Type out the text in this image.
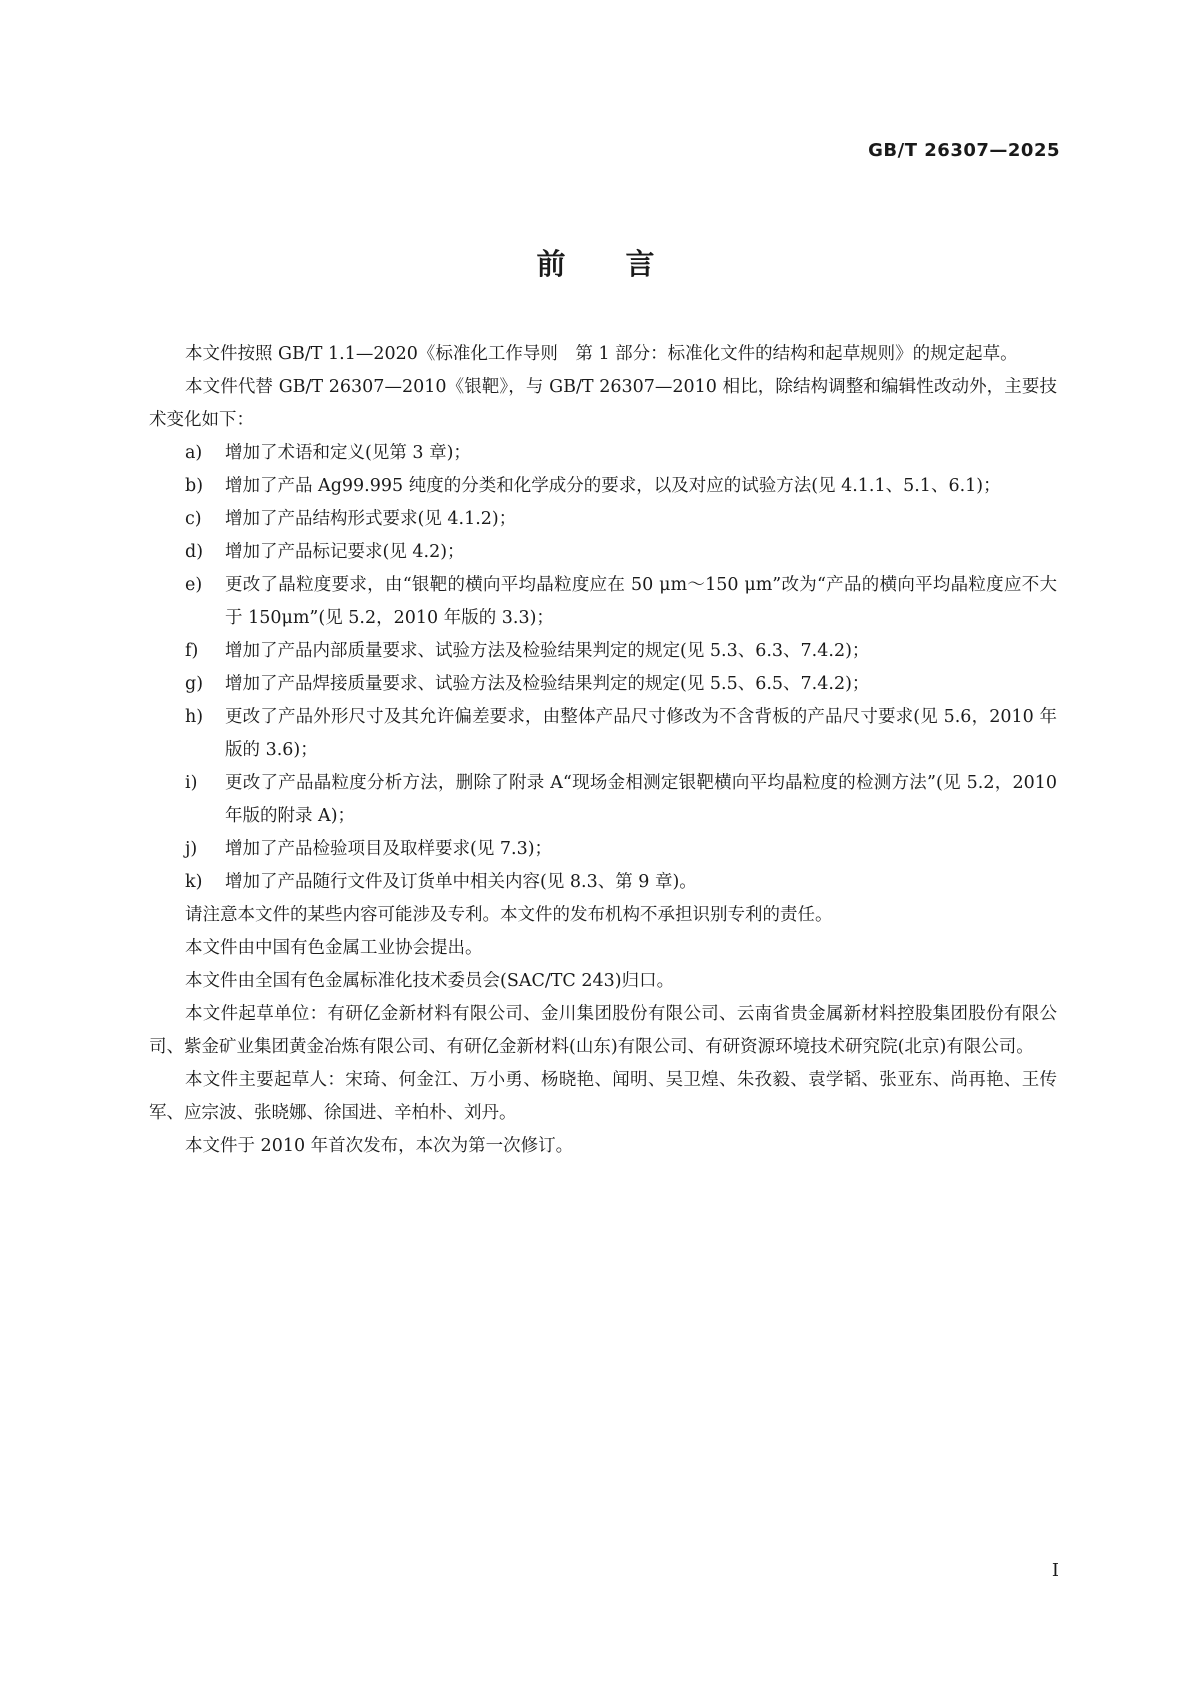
GB/T 26307—2025
前言

本文件按照 GB/T 1.1—2020《标准化工作导则　第 1 部分：标准化文件的结构和起草规则》的规定起草。

本文件代替 GB/T 26307—2010《银靶》，与 GB/T 26307—2010 相比，除结构调整和编辑性改动外，主要技术变化如下：

a)	增加了术语和定义(见第 3 章)；
b)	增加了产品 Ag99.995 纯度的分类和化学成分的要求，以及对应的试验方法(见 4.1.1、5.1、6.1)；
c)	增加了产品结构形式要求(见 4.1.2)；
d)	增加了产品标记要求(见 4.2)；
e)	更改了晶粒度要求，由“银靶的横向平均晶粒度应在 50 μm～150 μm”改为“产品的横向平均晶粒度应不大于 150μm”(见 5.2，2010 年版的 3.3)；
f)	增加了产品内部质量要求、试验方法及检验结果判定的规定(见 5.3、6.3、7.4.2)；
g)	增加了产品焊接质量要求、试验方法及检验结果判定的规定(见 5.5、6.5、7.4.2)；
h)	更改了产品外形尺寸及其允许偏差要求，由整体产品尺寸修改为不含背板的产品尺寸要求(见 5.6，2010 年版的 3.6)；
i)	更改了产品晶粒度分析方法，删除了附录 A“现场金相测定银靶横向平均晶粒度的检测方法”(见 5.2，2010 年版的附录 A)；
j)	增加了产品检验项目及取样要求(见 7.3)；
k)	增加了产品随行文件及订货单中相关内容(见 8.3、第 9 章)。

请注意本文件的某些内容可能涉及专利。本文件的发布机构不承担识别专利的责任。

本文件由中国有色金属工业协会提出。

本文件由全国有色金属标准化技术委员会(SAC/TC 243)归口。

本文件起草单位：有研亿金新材料有限公司、金川集团股份有限公司、云南省贵金属新材料控股集团股份有限公司、紫金矿业集团黄金冶炼有限公司、有研亿金新材料(山东)有限公司、有研资源环境技术研究院(北京)有限公司。

本文件主要起草人：宋琦、何金江、万小勇、杨晓艳、闻明、吴卫煌、朱孜毅、袁学韬、张亚东、尚再艳、王传军、应宗波、张晓娜、徐国进、辛柏朴、刘丹。

本文件于 2010 年首次发布，本次为第一次修订。

I
